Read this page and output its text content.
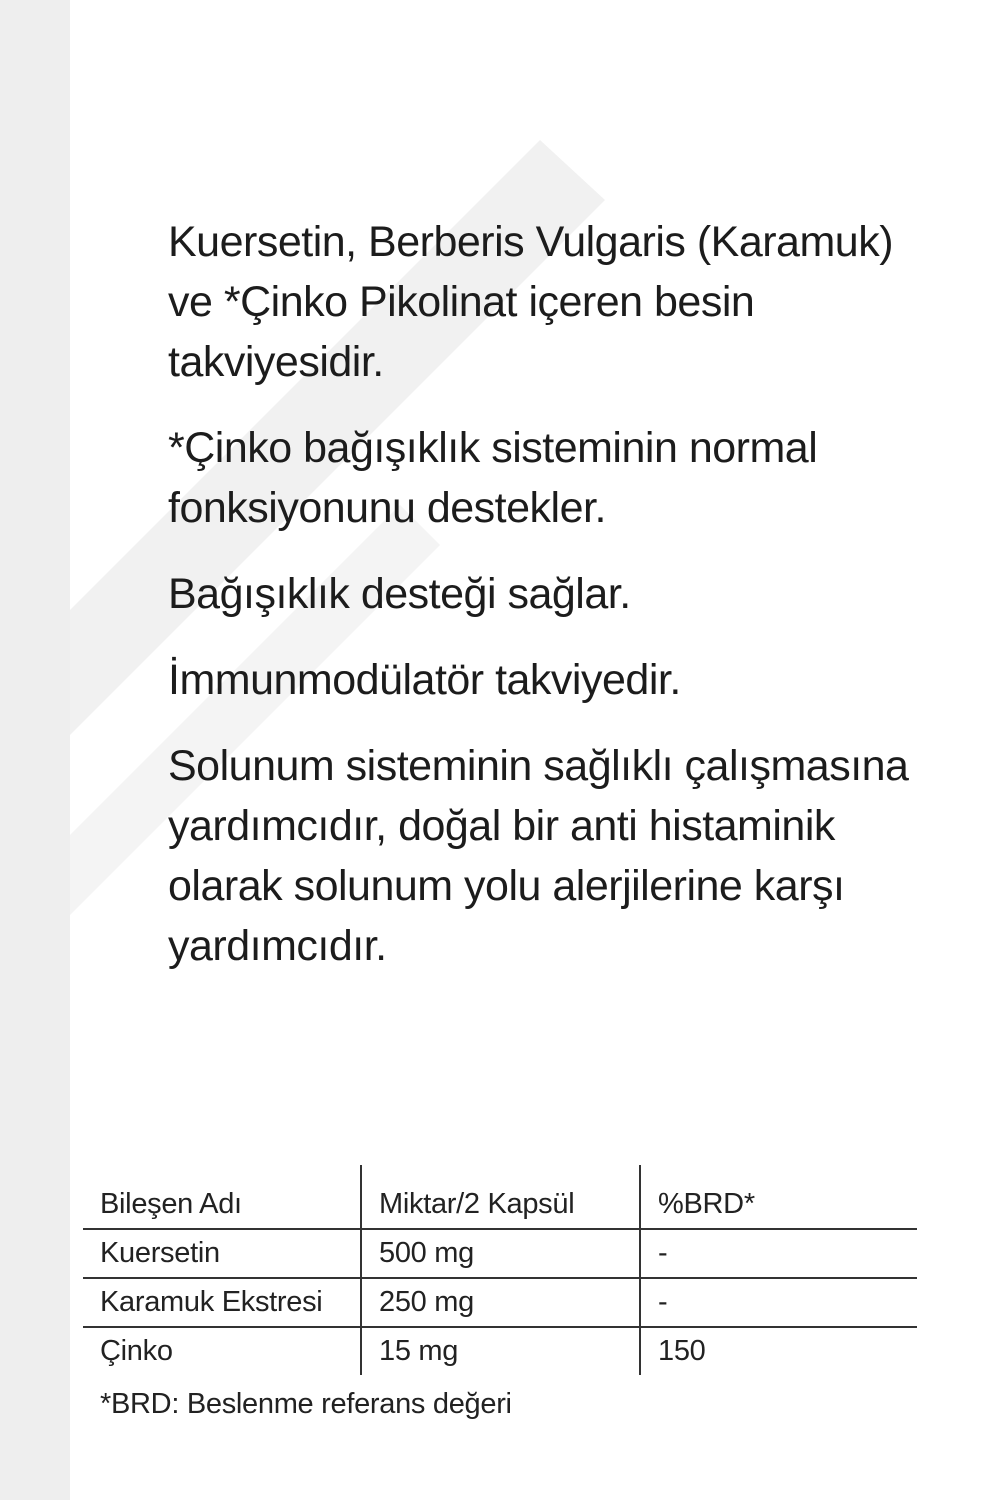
Kuersetin, Berberis Vulgaris (Karamuk) ve *Çinko Pikolinat içeren besin takviyesidir.

*Çinko bağışıklık sisteminin normal fonksiyonunu destekler.

Bağışıklık desteği sağlar.

İmmunmodülatör takviyedir.

Solunum sisteminin sağlıklı çalışmasına yardımcıdır, doğal bir anti histaminik olarak solunum yolu alerjilerine karşı yardımcıdır.

Bileşen Adı	Miktar/2 Kapsül	%BRD*
Kuersetin	500 mg	-
Karamuk Ekstresi	250 mg	-
Çinko	15 mg	150
*BRD: Beslenme referans değeri
